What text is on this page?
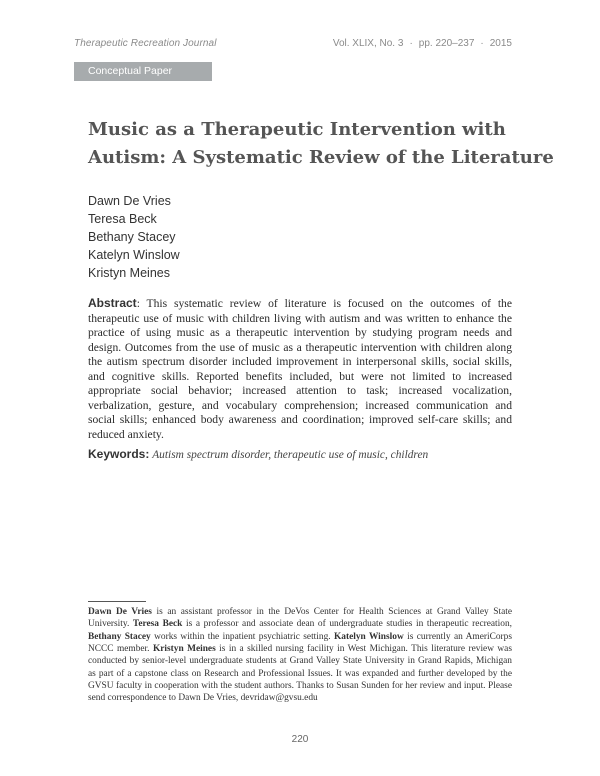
Therapeutic Recreation Journal	Vol. XLIX, No. 3 · pp. 220–237 · 2015
Conceptual Paper
Music as a Therapeutic Intervention with
Autism: A Systematic Review of the Literature
Dawn De Vries
Teresa Beck
Bethany Stacey
Katelyn Winslow
Kristyn Meines
Abstract: This systematic review of literature is focused on the outcomes of the therapeutic use of music with children living with autism and was written to enhance the practice of using music as a therapeutic intervention by studying program needs and design. Outcomes from the use of music as a therapeutic intervention with children along the autism spectrum disorder included improvement in interpersonal skills, social skills, and cognitive skills. Reported benefits included, but were not limited to increased appropriate social behavior; increased attention to task; increased vocalization, verbalization, gesture, and vocabulary comprehension; increased communication and social skills; enhanced body awareness and coordination; improved self-care skills; and reduced anxiety.
Keywords: Autism spectrum disorder, therapeutic use of music, children
Dawn De Vries is an assistant professor in the DeVos Center for Health Sciences at Grand Valley State University. Teresa Beck is a professor and associate dean of undergraduate studies in therapeutic recreation, Bethany Stacey works within the inpatient psychiatric setting. Katelyn Winslow is currently an AmeriCorps NCCC member. Kristyn Meines is in a skilled nursing facility in West Michigan. This literature review was conducted by senior-level undergraduate students at Grand Valley State University in Grand Rapids, Michigan as part of a capstone class on Research and Professional Issues. It was expanded and further developed by the GVSU faculty in cooperation with the student authors. Thanks to Susan Sunden for her review and input. Please send correspondence to Dawn De Vries, devridaw@gvsu.edu
220
